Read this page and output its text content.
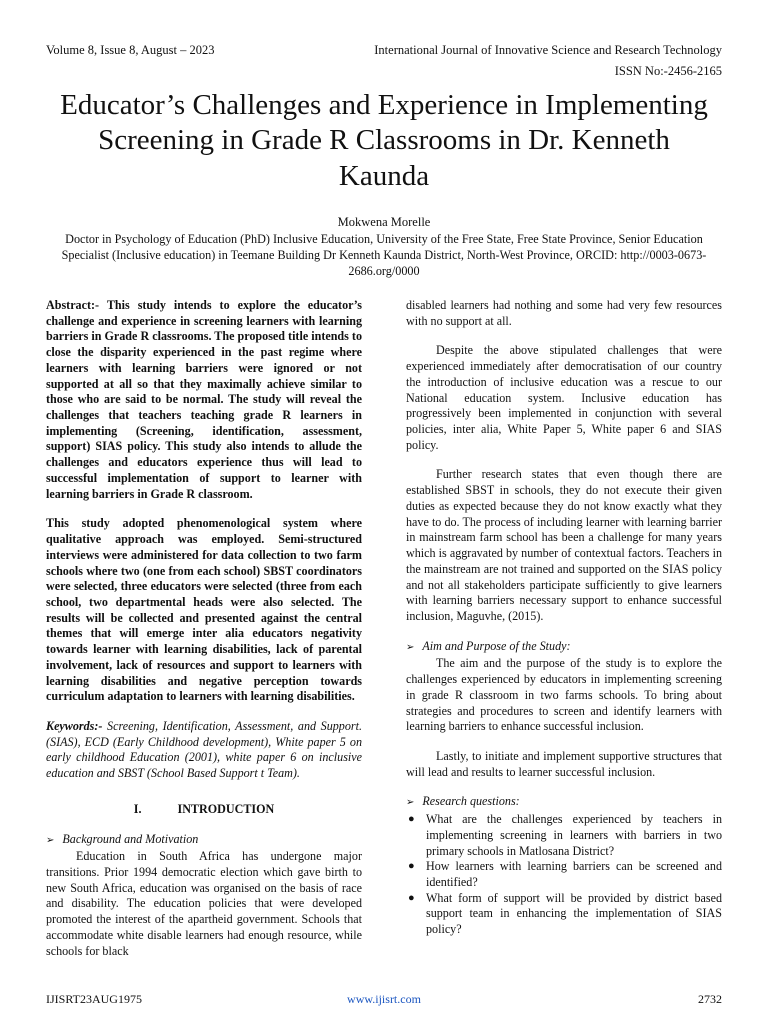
Volume 8, Issue 8, August – 2023	International Journal of Innovative Science and Research Technology
ISSN No:-2456-2165
Educator’s Challenges and Experience in Implementing Screening in Grade R Classrooms in Dr. Kenneth Kaunda
Mokwena Morelle
Doctor in Psychology of Education (PhD) Inclusive Education, University of the Free State, Free State Province, Senior Education Specialist (Inclusive education) in Teemane Building Dr Kenneth Kaunda District, North-West Province, ORCID: http://0003-0673-2686.org/0000

Abstract:- This study intends to explore the educator’s challenge and experience in screening learners with learning barriers in Grade R classrooms. The proposed title intends to close the disparity experienced in the past regime where learners with learning barriers were ignored or not supported at all so that they maximally achieve similar to those who are said to be normal. The study will reveal the challenges that teachers teaching grade R learners in implementing (Screening, identification, assessment, support) SIAS policy. This study also intends to allude the challenges and educators experience thus will lead to successful implementation of support to learner with learning barriers in Grade R classroom.

This study adopted phenomenological system where qualitative approach was employed. Semi-structured interviews were administered for data collection to two farm schools where two (one from each school) SBST coordinators were selected, three educators were selected (three from each school, two departmental heads were also selected. The results will be collected and presented against the central themes that will emerge inter alia educators negativity towards learner with learning disabilities, lack of parental involvement, lack of resources and support to learners with learning disabilities and negative perception towards curriculum adaptation to learners with learning disabilities.

Keywords:- Screening, Identification, Assessment, and Support. (SIAS), ECD (Early Childhood development), White paper 5 on early childhood Education (2001), white paper 6 on inclusive education and SBST (School Based Support t Team).

I.	INTRODUCTION
➢ Background and Motivation

Education in South Africa has undergone major transitions. Prior 1994 democratic election which gave birth to new South Africa, education was organised on the basis of race and disability. The education policies that were developed promoted the interest of the apartheid government. Schools that accommodate white disable learners had enough resource, while schools for black

disabled learners had nothing and some had very few resources with no support at all.

Despite the above stipulated challenges that were experienced immediately after democratisation of our country the introduction of inclusive education was a rescue to our National education system. Inclusive education has progressively been implemented in conjunction with several policies, inter alia, White Paper 5, White paper 6 and SIAS policy.

Further research states that even though there are established SBST in schools, they do not execute their given duties as expected because they do not know exactly what they have to do. The process of including learner with learning barrier in mainstream farm school has been a challenge for many years which is aggravated by number of contextual factors. Teachers in the mainstream are not trained and supported on the SIAS policy and not all stakeholders participate sufficiently to give learners with learning barriers necessary support to enhance successful inclusion, Maguvhe, (2015).

➢ Aim and Purpose of the Study:

The aim and the purpose of the study is to explore the challenges experienced by educators in implementing screening in grade R classroom in two farms schools. To bring about strategies and procedures to screen and identify learners with learning barriers to enhance successful inclusion.

Lastly, to initiate and implement supportive structures that will lead and results to learner successful inclusion.

➢ Research questions:
● What are the challenges experienced by teachers in implementing screening in learners with barriers in two primary schools in Matlosana District?
● How learners with learning barriers can be screened and identified?
● What form of support will be provided by district based support team in enhancing the implementation of SIAS policy?
IJISRT23AUG1975	www.ijisrt.com	2732
